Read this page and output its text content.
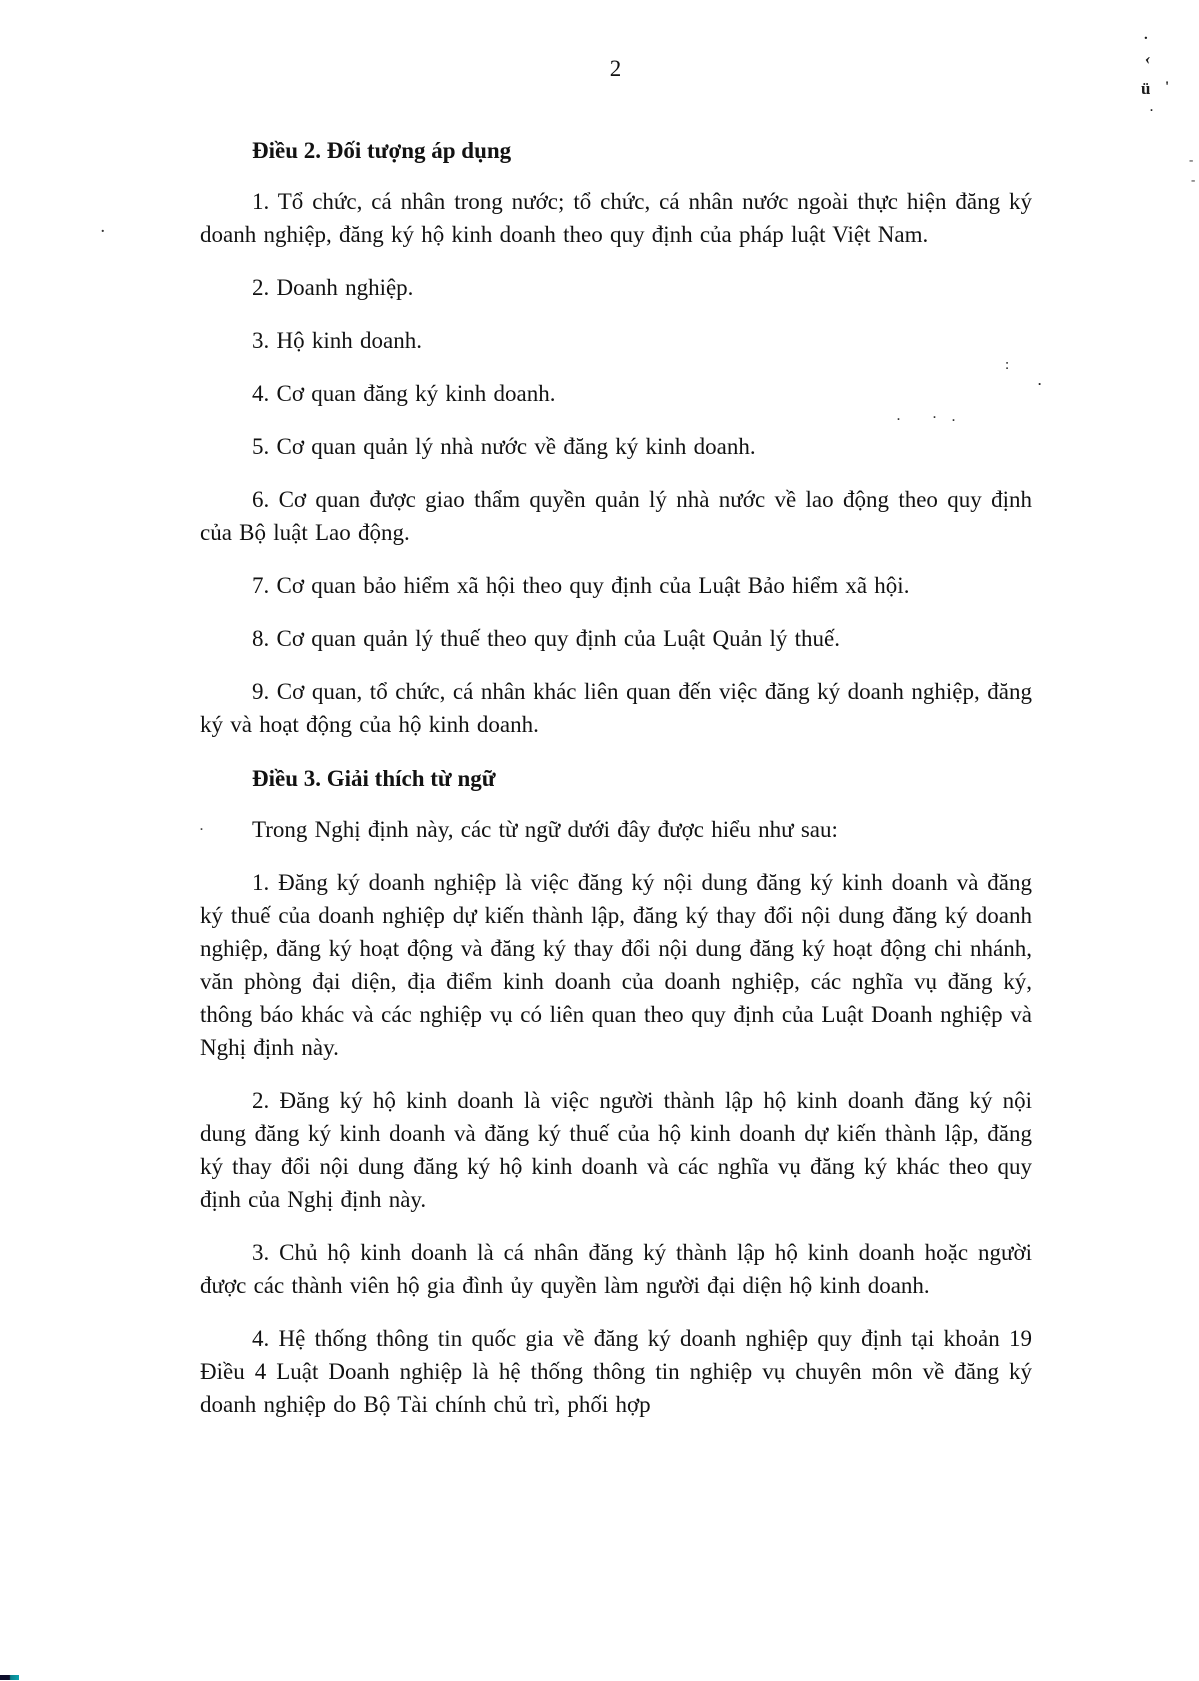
2
Điều 2. Đối tượng áp dụng

1. Tổ chức, cá nhân trong nước; tổ chức, cá nhân nước ngoài thực hiện đăng ký doanh nghiệp, đăng ký hộ kinh doanh theo quy định của pháp luật Việt Nam.

2. Doanh nghiệp.

3. Hộ kinh doanh.

4. Cơ quan đăng ký kinh doanh.

5. Cơ quan quản lý nhà nước về đăng ký kinh doanh.

6. Cơ quan được giao thẩm quyền quản lý nhà nước về lao động theo quy định của Bộ luật Lao động.

7. Cơ quan bảo hiểm xã hội theo quy định của Luật Bảo hiểm xã hội.

8. Cơ quan quản lý thuế theo quy định của Luật Quản lý thuế.

9. Cơ quan, tổ chức, cá nhân khác liên quan đến việc đăng ký doanh nghiệp, đăng ký và hoạt động của hộ kinh doanh.

Điều 3. Giải thích từ ngữ

Trong Nghị định này, các từ ngữ dưới đây được hiểu như sau:

1. Đăng ký doanh nghiệp là việc đăng ký nội dung đăng ký kinh doanh và đăng ký thuế của doanh nghiệp dự kiến thành lập, đăng ký thay đổi nội dung đăng ký doanh nghiệp, đăng ký hoạt động và đăng ký thay đổi nội dung đăng ký hoạt động chi nhánh, văn phòng đại diện, địa điểm kinh doanh của doanh nghiệp, các nghĩa vụ đăng ký, thông báo khác và các nghiệp vụ có liên quan theo quy định của Luật Doanh nghiệp và Nghị định này.

2. Đăng ký hộ kinh doanh là việc người thành lập hộ kinh doanh đăng ký nội dung đăng ký kinh doanh và đăng ký thuế của hộ kinh doanh dự kiến thành lập, đăng ký thay đổi nội dung đăng ký hộ kinh doanh và các nghĩa vụ đăng ký khác theo quy định của Nghị định này.

3. Chủ hộ kinh doanh là cá nhân đăng ký thành lập hộ kinh doanh hoặc người được các thành viên hộ gia đình ủy quyền làm người đại diện hộ kinh doanh.

4. Hệ thống thông tin quốc gia về đăng ký doanh nghiệp quy định tại khoản 19 Điều 4 Luật Doanh nghiệp là hệ thống thông tin nghiệp vụ chuyên môn về đăng ký doanh nghiệp do Bộ Tài chính chủ trì, phối hợp

.
‹
ü '
.
-
-
:
.
.	. .
.
.
